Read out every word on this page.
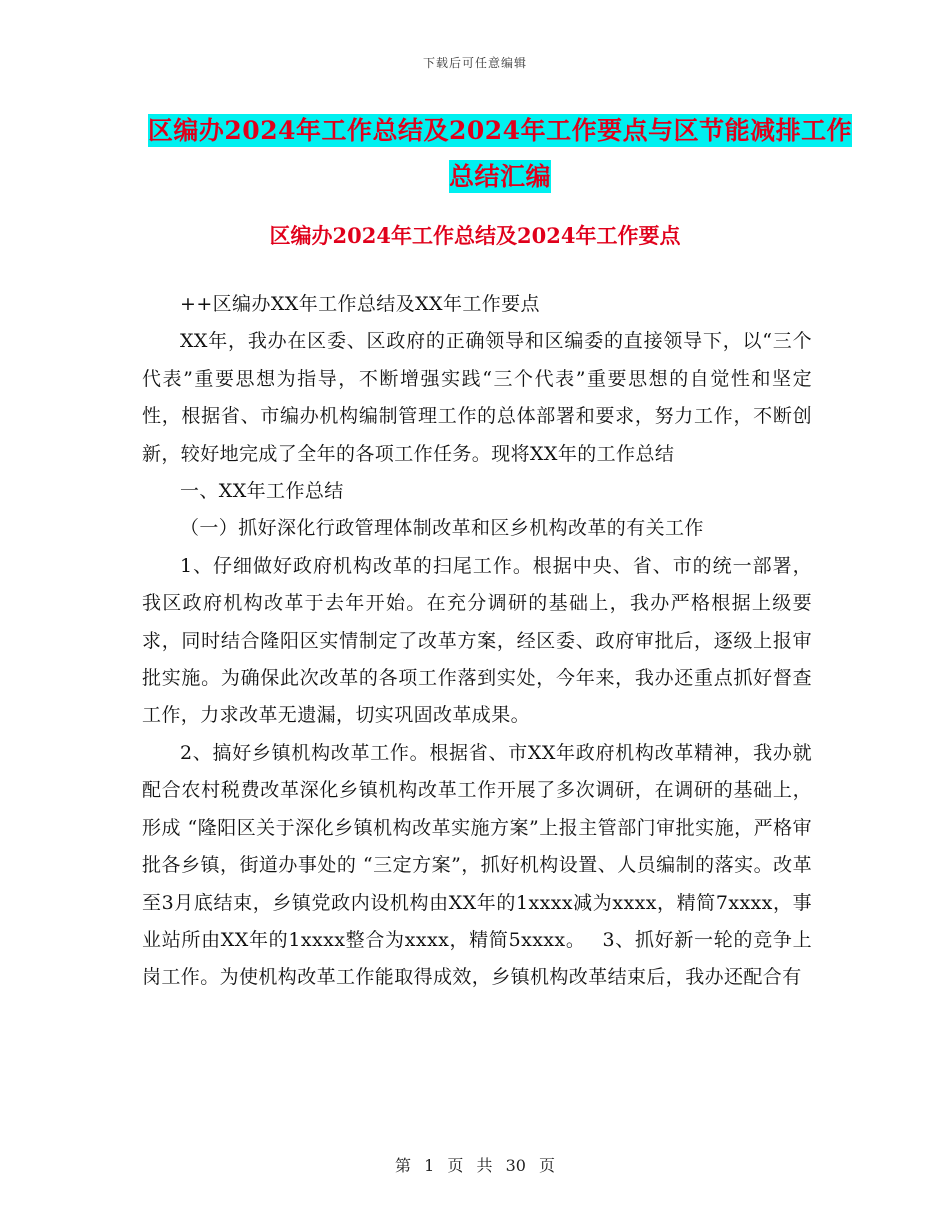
下载后可任意编辑
区编办2024年工作总结及2024年工作要点与区节能减排工作总结汇编
区编办2024年工作总结及2024年工作要点

++区编办XX年工作总结及XX年工作要点

XX年，我办在区委、区政府的正确领导和区编委的直接领导下，以“三个代表”重要思想为指导，不断增强实践“三个代表”重要思想的自觉性和坚定性，根据省、市编办机构编制管理工作的总体部署和要求，努力工作，不断创新，较好地完成了全年的各项工作任务。现将XX年的工作总结

一、XX年工作总结

（一）抓好深化行政管理体制改革和区乡机构改革的有关工作

1、仔细做好政府机构改革的扫尾工作。根据中央、省、市的统一部署，我区政府机构改革于去年开始。在充分调研的基础上，我办严格根据上级要求，同时结合隆阳区实情制定了改革方案，经区委、政府审批后，逐级上报审批实施。为确保此次改革的各项工作落到实处，今年来，我办还重点抓好督查工作，力求改革无遗漏，切实巩固改革成果。

2、搞好乡镇机构改革工作。根据省、市XX年政府机构改革精神，我办就配合农村税费改革深化乡镇机构改革工作开展了多次调研，在调研的基础上，形成 “隆阳区关于深化乡镇机构改革实施方案”上报主管部门审批实施，严格审批各乡镇，街道办事处的 “三定方案”，抓好机构设置、人员编制的落实。改革至3月底结束，乡镇党政内设机构由XX年的1xxxx减为xxxx，精简7xxxx，事业站所由XX年的1xxxx整合为xxxx，精简5xxxx。　 3、抓好新一轮的竞争上岗工作。为使机构改革工作能取得成效，乡镇机构改革结束后，我办还配合有

第 1 页 共 30 页
